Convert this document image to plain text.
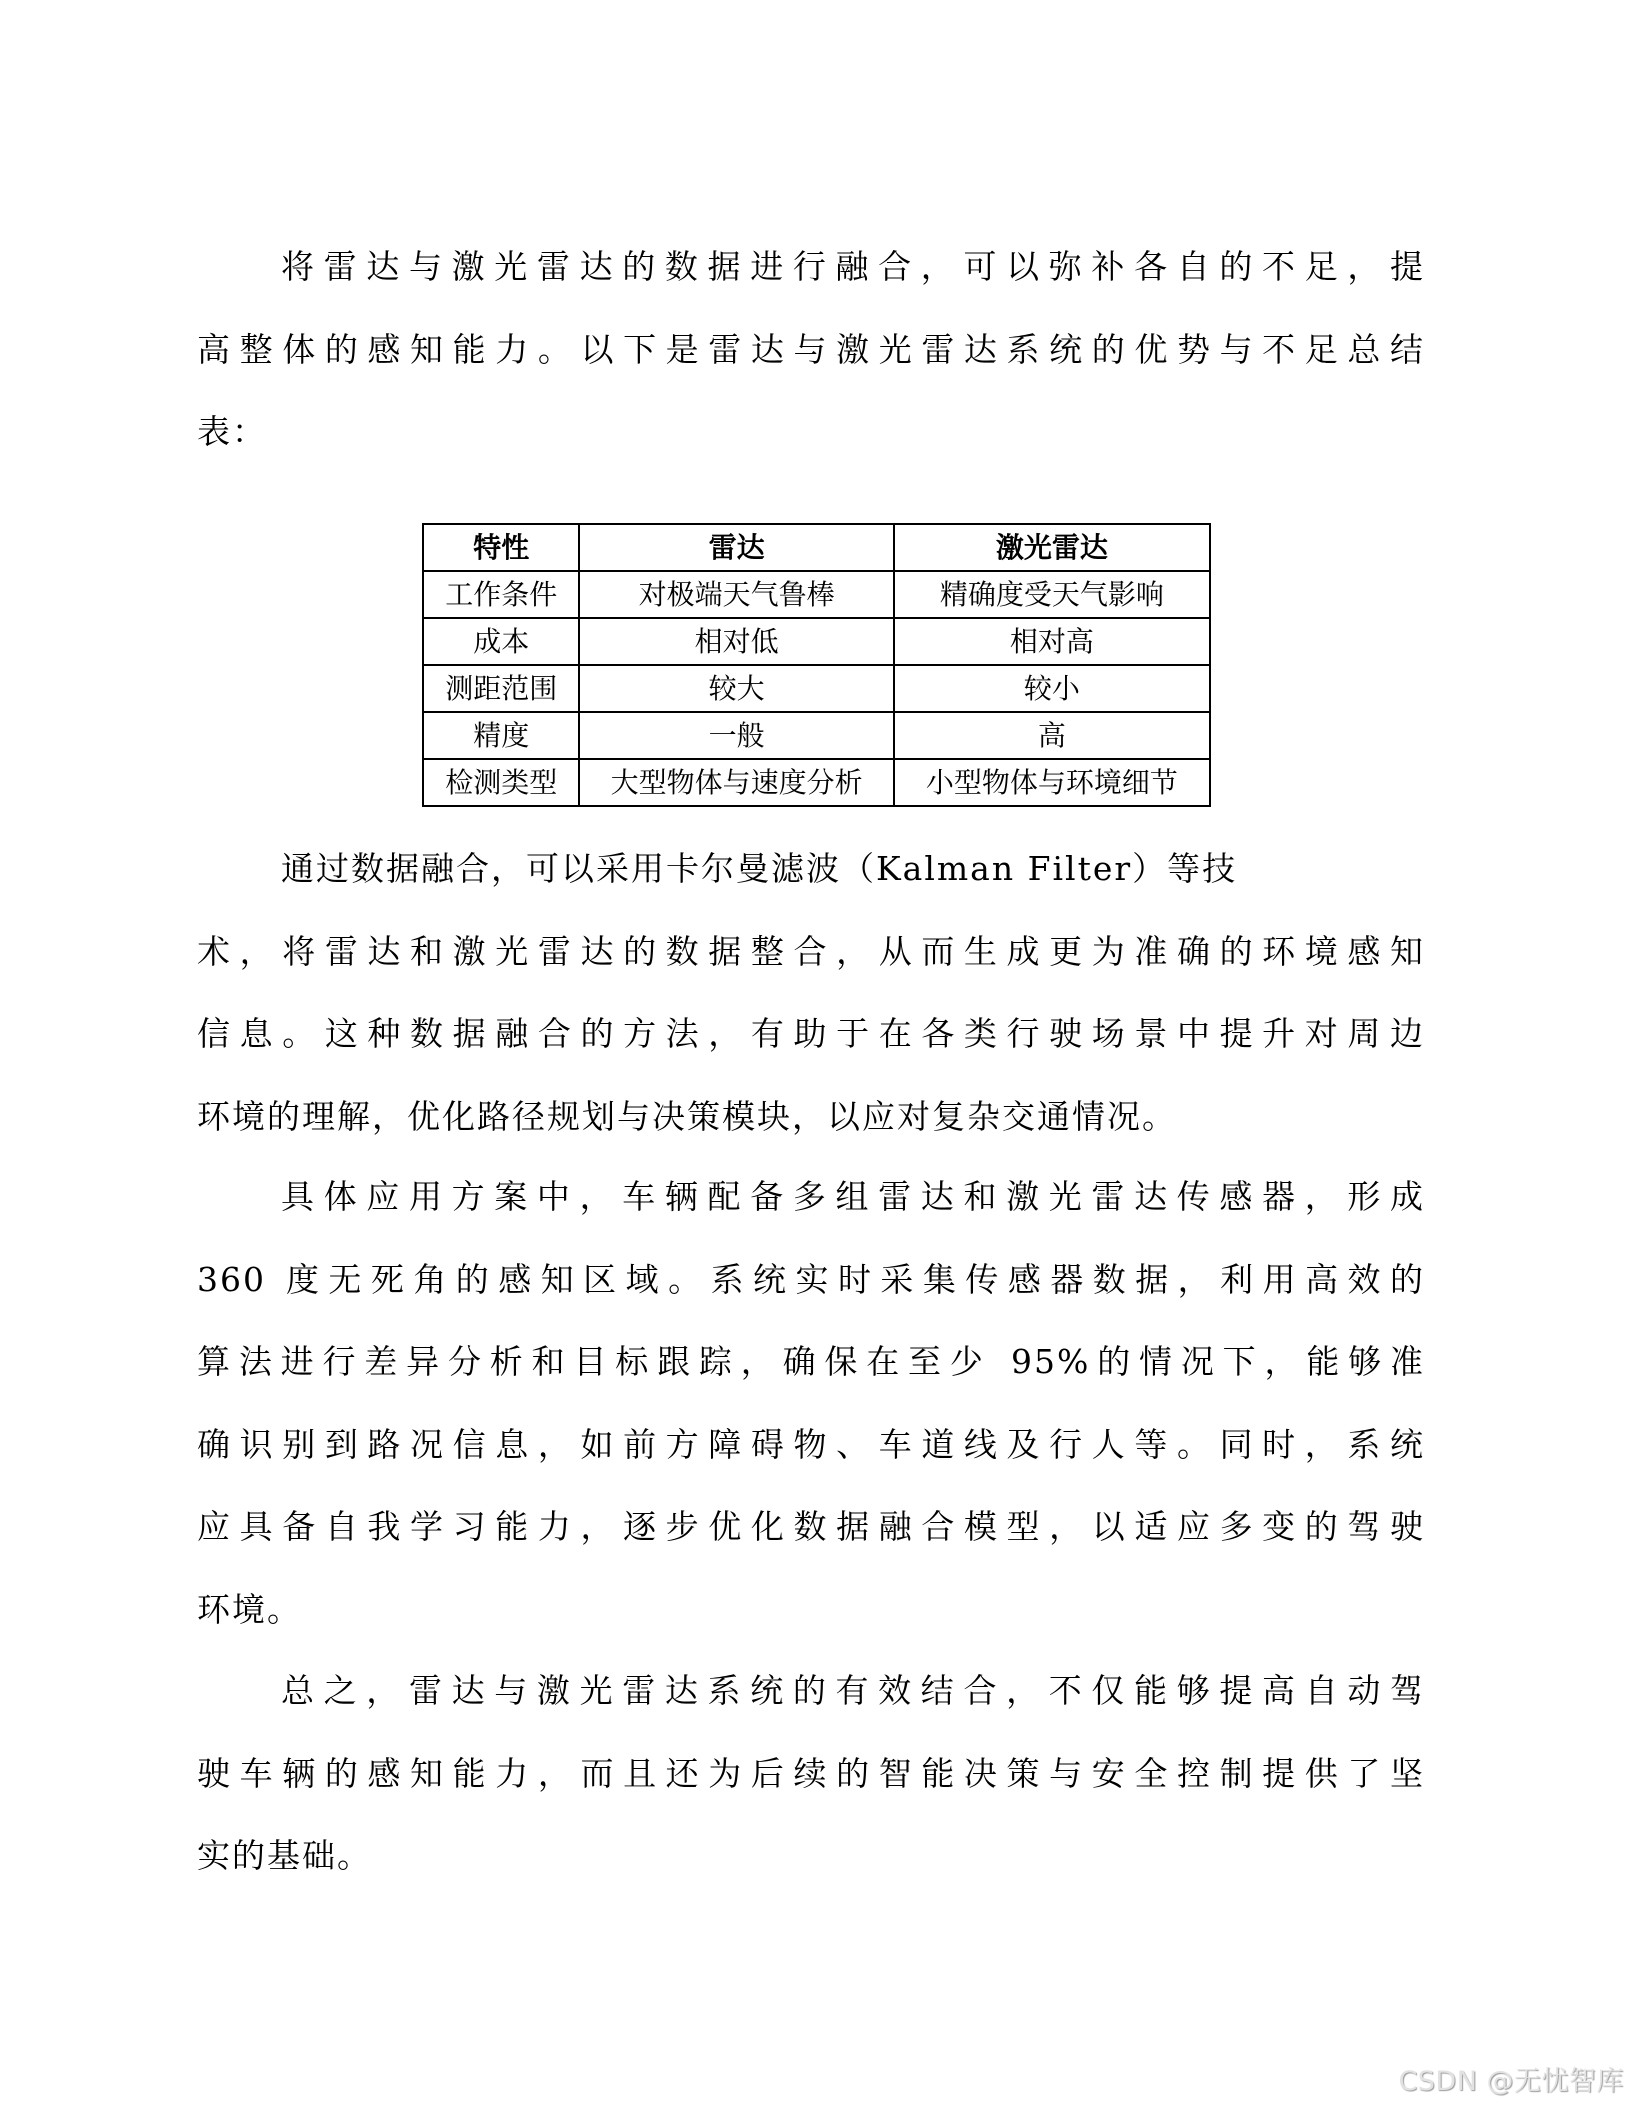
将雷达与激光雷达的数据进行融合，可以弥补各自的不足，提
高整体的感知能力。以下是雷达与激光雷达系统的优势与不足总结
表：
特性	雷达	激光雷达
工作条件	对极端天气鲁棒	精确度受天气影响
成本	相对低	相对高
测距范围	较大	较小
精度	一般	高
检测类型	大型物体与速度分析	小型物体与环境细节
通过数据融合，可以采用卡尔曼滤波（Kalman Filter）等技
术，将雷达和激光雷达的数据整合，从而生成更为准确的环境感知
信息。这种数据融合的方法，有助于在各类行驶场景中提升对周边
环境的理解，优化路径规划与决策模块，以应对复杂交通情况。
具体应用方案中，车辆配备多组雷达和激光雷达传感器，形成
360 度无死角的感知区域。系统实时采集传感器数据，利用高效的
算法进行差异分析和目标跟踪，确保在至少 95%的情况下，能够准
确识别到路况信息，如前方障碍物、车道线及行人等。同时，系统
应具备自我学习能力，逐步优化数据融合模型，以适应多变的驾驶
环境。
总之，雷达与激光雷达系统的有效结合，不仅能够提高自动驾
驶车辆的感知能力，而且还为后续的智能决策与安全控制提供了坚
实的基础。
CSDN @无忧智库
